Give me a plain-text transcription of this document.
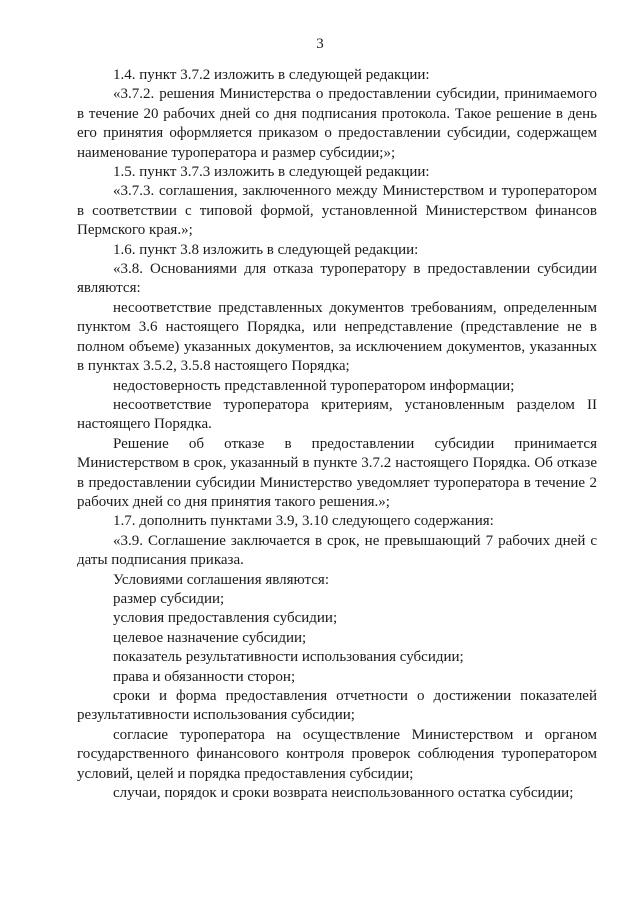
3

1.4. пункт 3.7.2 изложить в следующей редакции:

«3.7.2. решения Министерства о предоставлении субсидии, принимаемого в течение 20 рабочих дней со дня подписания протокола. Такое решение в день его принятия оформляется приказом о предоставлении субсидии, содержащем наименование туроператора и размер субсидии;»;

1.5. пункт 3.7.3 изложить в следующей редакции:

«3.7.3. соглашения, заключенного между Министерством и туроператором в соответствии с типовой формой, установленной Министерством финансов Пермского края.»;

1.6. пункт 3.8 изложить в следующей редакции:

«3.8. Основаниями для отказа туроператору в предоставлении субсидии являются:

несоответствие представленных документов требованиям, определенным пунктом 3.6 настоящего Порядка, или непредставление (представление не в полном объеме) указанных документов, за исключением документов, указанных в пунктах 3.5.2, 3.5.8 настоящего Порядка;

недостоверность представленной туроператором информации;

несоответствие туроператора критериям, установленным разделом II настоящего Порядка.

Решение об отказе в предоставлении субсидии принимается Министерством в срок, указанный в пункте 3.7.2 настоящего Порядка. Об отказе в предоставлении субсидии Министерство уведомляет туроператора в течение 2 рабочих дней со дня принятия такого решения.»;

1.7. дополнить пунктами 3.9, 3.10 следующего содержания:

«3.9. Соглашение заключается в срок, не превышающий 7 рабочих дней с даты подписания приказа.

Условиями соглашения являются:

размер субсидии;

условия предоставления субсидии;

целевое назначение субсидии;

показатель результативности использования субсидии;

права и обязанности сторон;

сроки и форма предоставления отчетности о достижении показателей результативности использования субсидии;

согласие туроператора на осуществление Министерством и органом государственного финансового контроля проверок соблюдения туроператором условий, целей и порядка предоставления субсидии;

случаи, порядок и сроки возврата неиспользованного остатка субсидии;
